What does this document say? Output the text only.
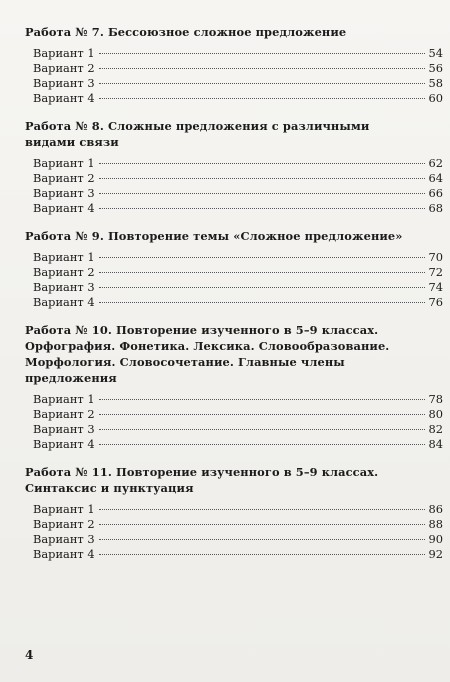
Работа № 7. Бессоюзное сложное предложение
Вариант 1	54
Вариант 2	56
Вариант 3	58
Вариант 4	60
Работа № 8. Сложные предложения с различными видами связи
Вариант 1	62
Вариант 2	64
Вариант 3	66
Вариант 4	68
Работа № 9. Повторение темы «Сложное предложение»
Вариант 1	70
Вариант 2	72
Вариант 3	74
Вариант 4	76
Работа № 10. Повторение изученного в 5–9 классах. Орфография. Фонетика. Лексика. Словообразование. Морфология. Словосочетание. Главные члены предложения
Вариант 1	78
Вариант 2	80
Вариант 3	82
Вариант 4	84
Работа № 11. Повторение изученного в 5–9 классах. Синтаксис и пунктуация
Вариант 1	86
Вариант 2	88
Вариант 3	90
Вариант 4	92
4
